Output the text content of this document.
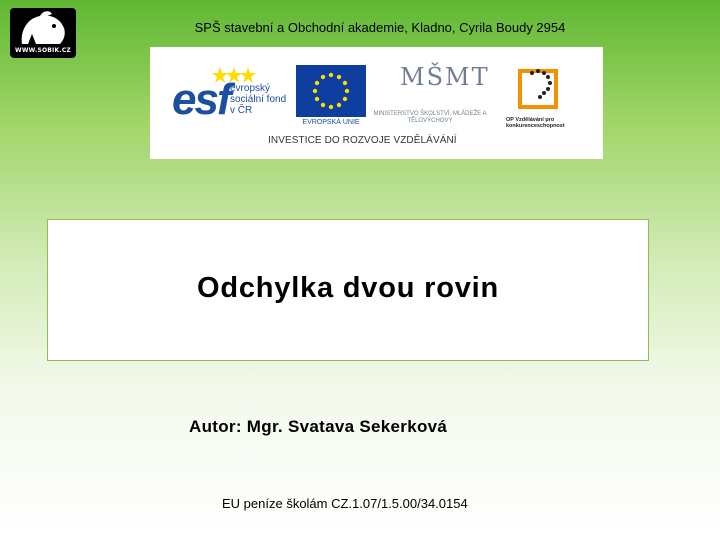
WWW.SOBIK.CZ
SPŠ stavební a Obchodní akademie, Kladno, Cyrila Boudy 2954
esf evropský sociální fond v ČR
EVROPSKÁ UNIE
MŠMT
MINISTERSTVO ŠKOLSTVÍ, MLÁDEŽE A TĚLOVÝCHOVY	OP Vzdělávání pro konkurenceschopnost
INVESTICE DO ROZVOJE VZDĚLÁVÁNÍ
Odchylka dvou rovin
Autor: Mgr. Svatava Sekerková
EU peníze školám CZ.1.07/1.5.00/34.0154
